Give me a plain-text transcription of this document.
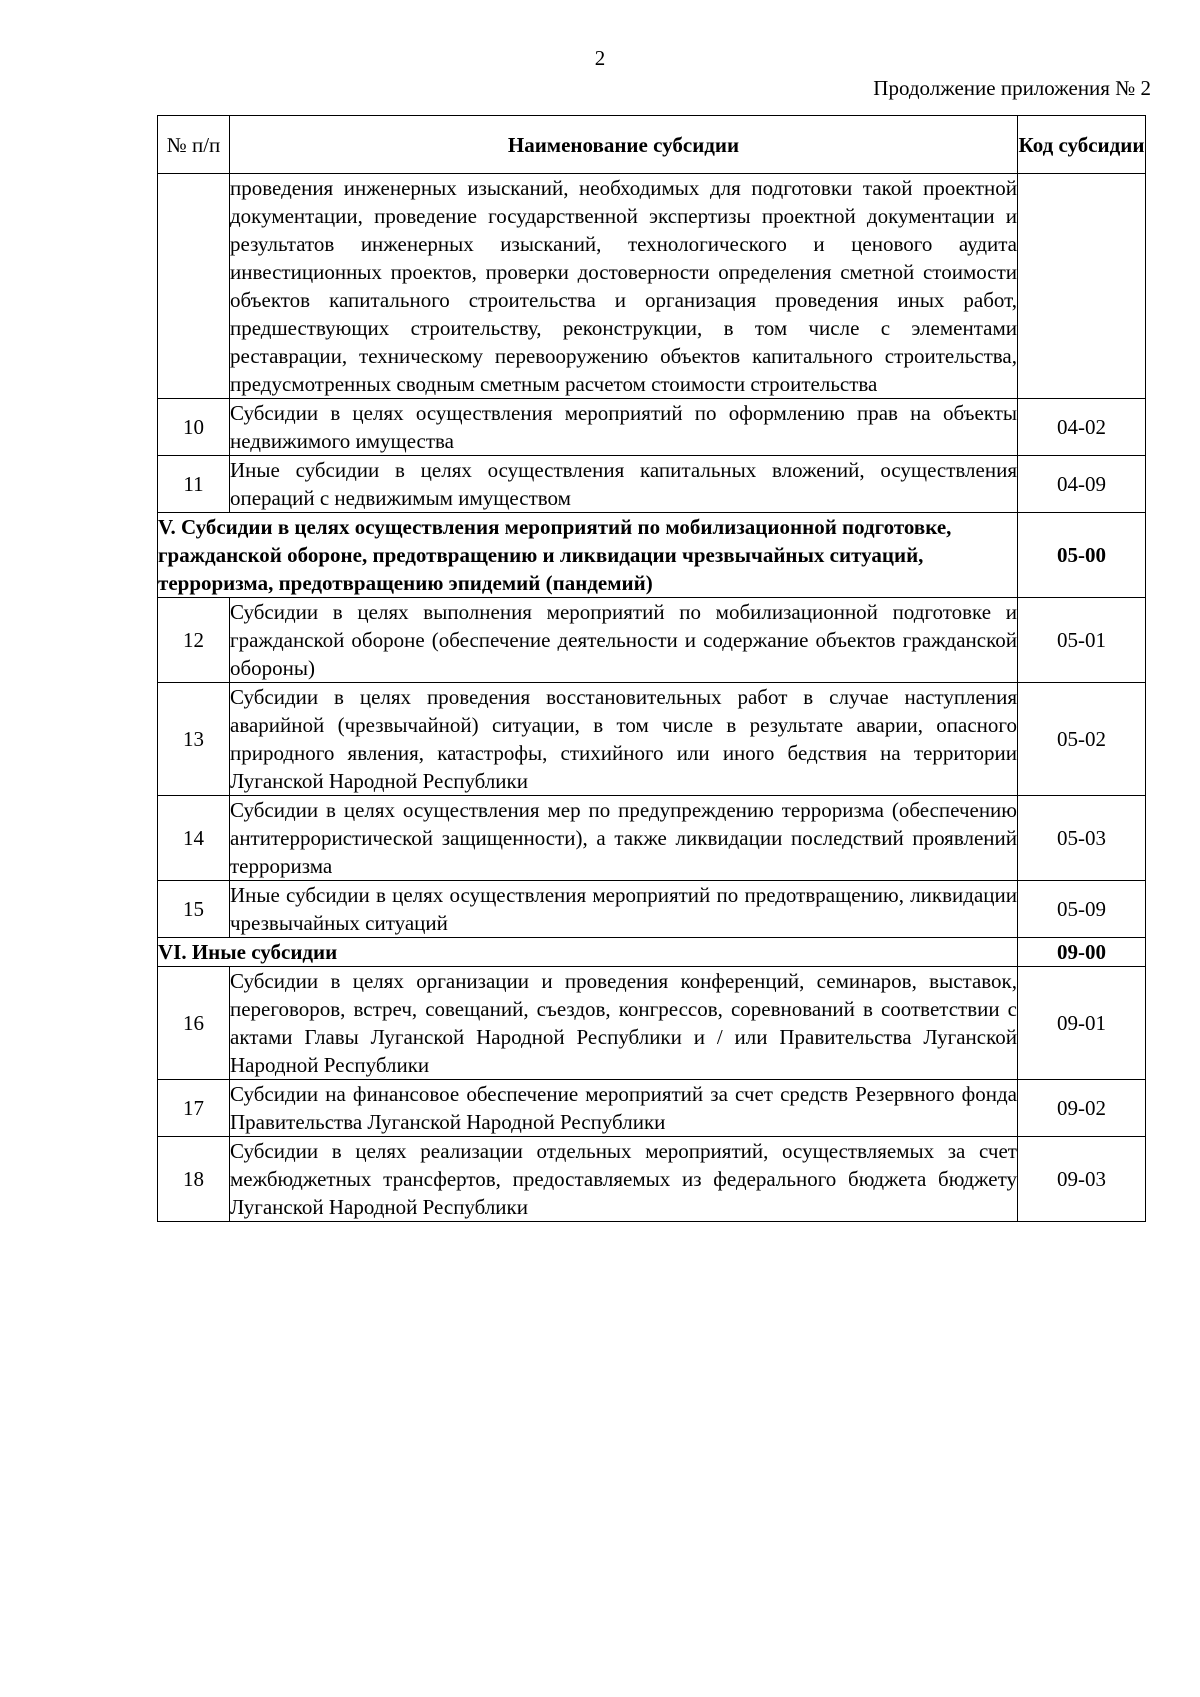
2
Продолжение приложения № 2
№ п/п	Наименование субсидии	Код субсидии
	проведения инженерных изысканий, необходимых для подготовки такой проектной документации, проведение государственной экспертизы проектной документации и результатов инженерных изысканий, технологического и ценового аудита инвестиционных проектов, проверки достоверности определения сметной стоимости объектов капитального строительства и организация проведения иных работ, предшествующих строительству, реконструкции, в том числе с элементами реставрации, техническому перевооружению объектов капитального строительства, предусмотренных сводным сметным расчетом стоимости строительства	
10	Субсидии в целях осуществления мероприятий по оформлению прав на объекты недвижимого имущества	04-02
11	Иные субсидии в целях осуществления капитальных вложений, осуществления операций с недвижимым имуществом	04-09
V. Субсидии в целях осуществления мероприятий по мобилизационной подготовке, гражданской обороне, предотвращению и ликвидации чрезвычайных ситуаций, терроризма, предотвращению эпидемий (пандемий)		05-00
12	Субсидии в целях выполнения мероприятий по мобилизационной подготовке и гражданской обороне (обеспечение деятельности и содержание объектов гражданской обороны)	05-01
13	Субсидии в целях проведения восстановительных работ в случае наступления аварийной (чрезвычайной) ситуации, в том числе в результате аварии, опасного природного явления, катастрофы, стихийного или иного бедствия на территории Луганской Народной Республики	05-02
14	Субсидии в целях осуществления мер по предупреждению терроризма (обеспечению антитеррористической защищенности), а также ликвидации последствий проявлений терроризма	05-03
15	Иные субсидии в целях осуществления мероприятий по предотвращению, ликвидации чрезвычайных ситуаций	05-09
VI. Иные субсидии		09-00
16	Субсидии в целях организации и проведения конференций, семинаров, выставок, переговоров, встреч, совещаний, съездов, конгрессов, соревнований в соответствии с актами Главы Луганской Народной Республики и / или Правительства Луганской Народной Республики	09-01
17	Субсидии на финансовое обеспечение мероприятий за счет средств Резервного фонда Правительства Луганской Народной Республики	09-02
18	Субсидии в целях реализации отдельных мероприятий, осуществляемых за счет межбюджетных трансфертов, предоставляемых из федерального бюджета бюджету Луганской Народной Республики	09-03
